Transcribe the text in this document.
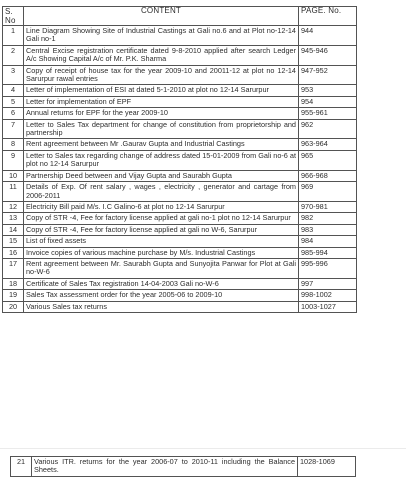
S.
No	CONTENT	PAGE. No.
1	Line Diagram Showing Site of Industrial Castings at Gali no.6 and at Plot no-12-14 Gali no-1	944
2	Central Excise registration certificate dated 9-8-2010 applied after search Ledger A/c Showing Capital A/c of Mr. P.K. Sharma	945-946
3	Copy of receipt of house tax for the year 2009-10 and 20011-12 at plot no 12-14 Sarurpur rawal entries	947-952
4	Letter of implementation of ESI at dated 5-1-2010 at plot no 12-14 Sarurpur	953
5	Letter for implementation of EPF	954
6	Annual returns for EPF for the year 2009-10	955-961
7	Letter to Sales Tax department for change of constitution from proprietorship and partnership	962
8	Rent agreement between Mr .Gaurav Gupta and Industrial Castings	963-964
9	Letter to Sales tax regarding change of address dated 15-01-2009 from Gali no-6 at plot no 12-14 Sarurpur	965
10	Partnership Deed between and Vijay Gupta and Saurabh Gupta	966-968
11	Details of Exp. Of rent salary , wages , electricity , generator and cartage from 2006-2011	969
12	Electricity Bill paid M/s. I.C Galino-6 at plot no 12-14 Sarurpur	970-981
13	Copy of STR -4, Fee for factory license applied at gali no-1 plot no 12-14 Sarurpur	982
14	Copy of STR -4, Fee for factory license applied at gali no W-6, Sarurpur	983
15	List of fixed assets	984
16	Invoice copies of various machine purchase by M/s. Industrial Castings	985-994
17	Rent agreement between Mr. Saurabh Gupta and Sunyojita Panwar for Plot at Gali no-W-6	995-996
18	Certificate of Sales Tax registration 14-04-2003 Gali no-W-6	997
19	Sales Tax assessment order for the year 2005-06 to 2009-10	998-1002
20	Various Sales tax returns	1003-1027
21	Various ITR. returns for the year 2006-07 to 2010-11 including the Balance Sheets.	1028-1069
